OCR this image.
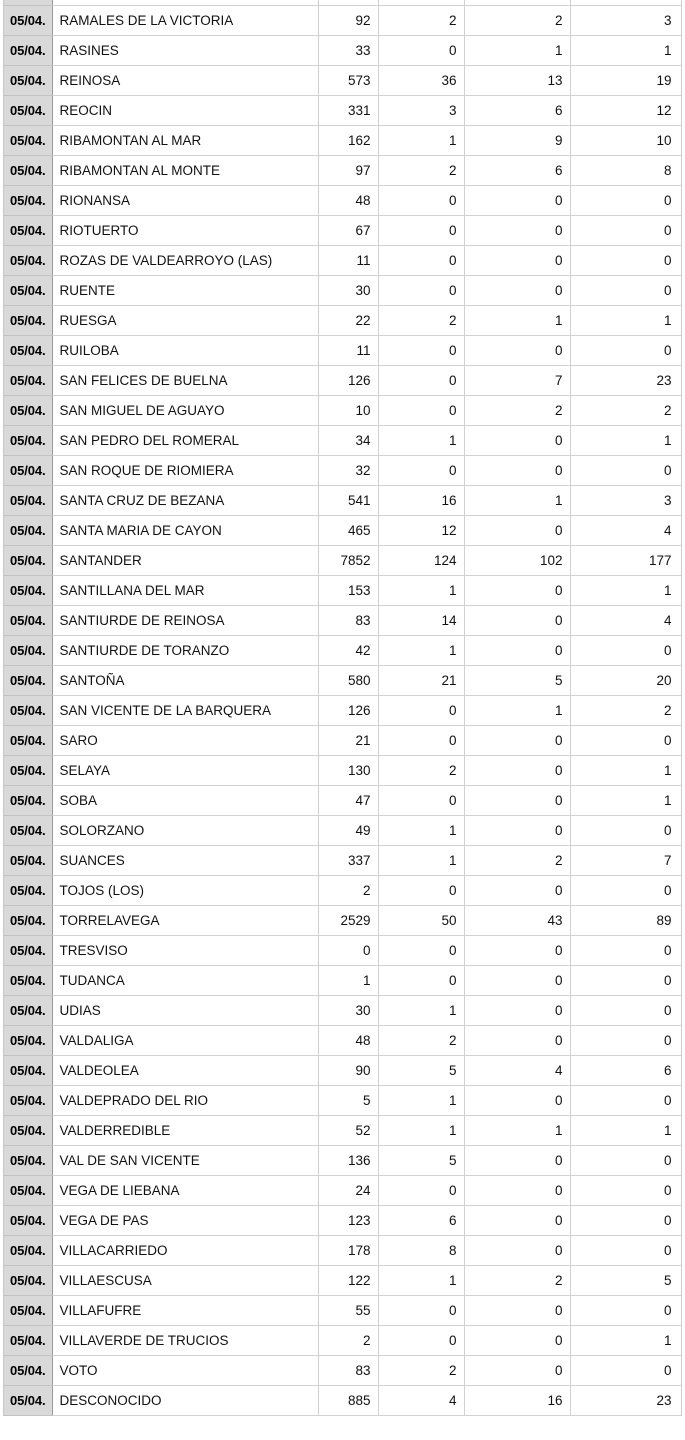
05/04.	RAMALES DE LA VICTORIA	92	2	2	3

05/04.	RASINES	33	0	1	1

05/04.	REINOSA	573	36	13	19

05/04.	REOCIN	331	3	6	12

05/04.	RIBAMONTAN AL MAR	162	1	9	10

05/04.	RIBAMONTAN AL MONTE	97	2	6	8

05/04.	RIONANSA	48	0	0	0

05/04.	RIOTUERTO	67	0	0	0

05/04.	ROZAS DE VALDEARROYO (LAS)	11	0	0	0

05/04.	RUENTE	30	0	0	0

05/04.	RUESGA	22	2	1	1

05/04.	RUILOBA	11	0	0	0

05/04.	SAN FELICES DE BUELNA	126	0	7	23

05/04.	SAN MIGUEL DE AGUAYO	10	0	2	2

05/04.	SAN PEDRO DEL ROMERAL	34	1	0	1

05/04.	SAN ROQUE DE RIOMIERA	32	0	0	0

05/04.	SANTA CRUZ DE BEZANA	541	16	1	3

05/04.	SANTA MARIA DE CAYON	465	12	0	4

05/04.	SANTANDER	7852	124	102	177

05/04.	SANTILLANA DEL MAR	153	1	0	1

05/04.	SANTIURDE DE REINOSA	83	14	0	4

05/04.	SANTIURDE DE TORANZO	42	1	0	0

05/04.	SANTOÑA	580	21	5	20

05/04.	SAN VICENTE DE LA BARQUERA	126	0	1	2

05/04.	SARO	21	0	0	0

05/04.	SELAYA	130	2	0	1

05/04.	SOBA	47	0	0	1

05/04.	SOLORZANO	49	1	0	0

05/04.	SUANCES	337	1	2	7

05/04.	TOJOS (LOS)	2	0	0	0

05/04.	TORRELAVEGA	2529	50	43	89

05/04.	TRESVISO	0	0	0	0

05/04.	TUDANCA	1	0	0	0

05/04.	UDIAS	30	1	0	0

05/04.	VALDALIGA	48	2	0	0

05/04.	VALDEOLEA	90	5	4	6

05/04.	VALDEPRADO DEL RIO	5	1	0	0

05/04.	VALDERREDIBLE	52	1	1	1

05/04.	VAL DE SAN VICENTE	136	5	0	0

05/04.	VEGA DE LIEBANA	24	0	0	0

05/04.	VEGA DE PAS	123	6	0	0

05/04.	VILLACARRIEDO	178	8	0	0

05/04.	VILLAESCUSA	122	1	2	5

05/04.	VILLAFUFRE	55	0	0	0

05/04.	VILLAVERDE DE TRUCIOS	2	0	0	1

05/04.	VOTO	83	2	0	0

05/04.	DESCONOCIDO	885	4	16	23
